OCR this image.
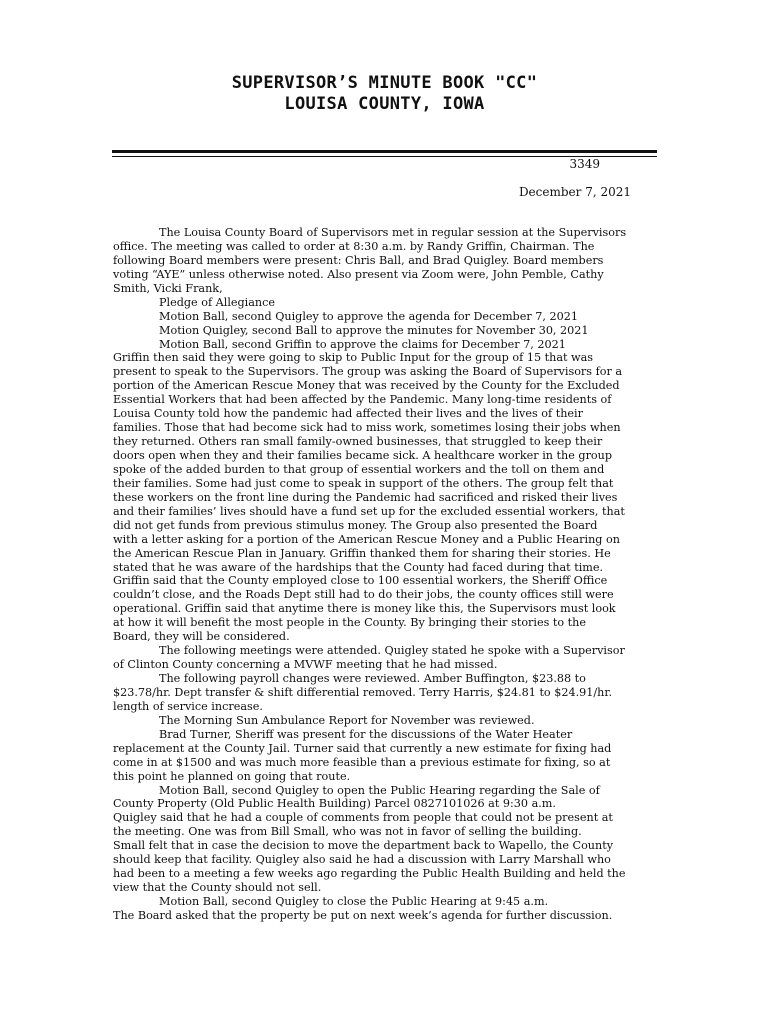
SUPERVISOR’S MINUTE BOOK "CC"
LOUISA COUNTY, IOWA
3349
December 7, 2021
The Louisa County Board of Supervisors met in regular session at the Supervisors
office. The meeting was called to order at 8:30 a.m. by Randy Griffin, Chairman. The
following Board members were present: Chris Ball, and Brad Quigley. Board members
voting “AYE” unless otherwise noted. Also present via Zoom were, John Pemble, Cathy
Smith, Vicki Frank,
Pledge of Allegiance
Motion Ball, second Quigley to approve the agenda for December 7, 2021
Motion Quigley, second Ball to approve the minutes for November 30, 2021
Motion Ball, second Griffin to approve the claims for December 7, 2021
Griffin then said they were going to skip to Public Input for the group of 15 that was
present to speak to the Supervisors. The group was asking the Board of Supervisors for a
portion of the American Rescue Money that was received by the County for the Excluded
Essential Workers that had been affected by the Pandemic. Many long-time residents of
Louisa County told how the pandemic had affected their lives and the lives of their
families. Those that had become sick had to miss work, sometimes losing their jobs when
they returned. Others ran small family-owned businesses, that struggled to keep their
doors open when they and their families became sick. A healthcare worker in the group
spoke of the added burden to that group of essential workers and the toll on them and
their families. Some had just come to speak in support of the others. The group felt that
these workers on the front line during the Pandemic had sacrificed and risked their lives
and their families’ lives should have a fund set up for the excluded essential workers, that
did not get funds from previous stimulus money. The Group also presented the Board
with a letter asking for a portion of the American Rescue Money and a Public Hearing on
the American Rescue Plan in January. Griffin thanked them for sharing their stories. He
stated that he was aware of the hardships that the County had faced during that time.
Griffin said that the County employed close to 100 essential workers, the Sheriff Office
couldn’t close, and the Roads Dept still had to do their jobs, the county offices still were
operational. Griffin said that anytime there is money like this, the Supervisors must look
at how it will benefit the most people in the County. By bringing their stories to the
Board, they will be considered.
The following meetings were attended. Quigley stated he spoke with a Supervisor
of Clinton County concerning a MVWF meeting that he had missed.
The following payroll changes were reviewed. Amber Buffington, $23.88 to
$23.78/hr. Dept transfer & shift differential removed. Terry Harris, $24.81 to $24.91/hr.
length of service increase.
The Morning Sun Ambulance Report for November was reviewed.
Brad Turner, Sheriff was present for the discussions of the Water Heater
replacement at the County Jail. Turner said that currently a new estimate for fixing had
come in at $1500 and was much more feasible than a previous estimate for fixing, so at
this point he planned on going that route.
Motion Ball, second Quigley to open the Public Hearing regarding the Sale of
County Property (Old Public Health Building) Parcel 0827101026 at 9:30 a.m.
Quigley said that he had a couple of comments from people that could not be present at
the meeting. One was from Bill Small, who was not in favor of selling the building.
Small felt that in case the decision to move the department back to Wapello, the County
should keep that facility. Quigley also said he had a discussion with Larry Marshall who
had been to a meeting a few weeks ago regarding the Public Health Building and held the
view that the County should not sell.
Motion Ball, second Quigley to close the Public Hearing at 9:45 a.m.
The Board asked that the property be put on next week’s agenda for further discussion.
